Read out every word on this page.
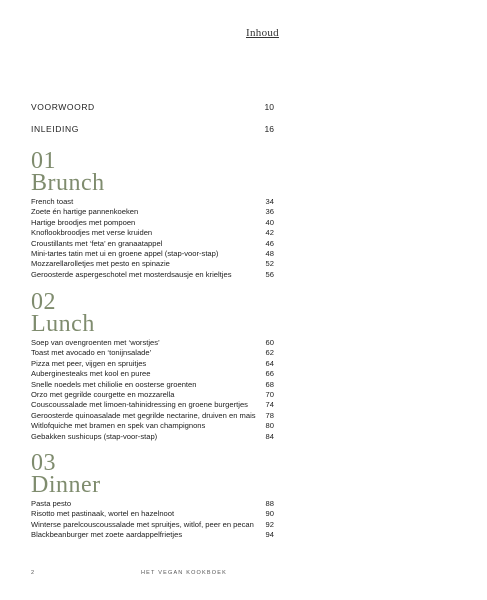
Inhoud
VOORWOORD	10
INLEIDING	16
01
Brunch
French toast	34
Zoete én hartige pannenkoeken	36
Hartige broodjes met pompoen	40
Knoflookbroodjes met verse kruiden	42
Croustillants met ‘feta’ en granaatappel	46
Mini-tartes tatin met ui en groene appel (stap-voor-stap)	48
Mozzarellarolletjes met pesto en spinazie	52
Geroosterde aspergeschotel met mosterdsausje en krieltjes	56
02
Lunch
Soep van ovengroenten met ‘worstjes’	60
Toast met avocado en ‘tonijnsalade’	62
Pizza met peer, vijgen en spruitjes	64
Auberginesteaks met kool en puree	66
Snelle noedels met chiliolie en oosterse groenten	68
Orzo met gegrilde courgette en mozzarella	70
Couscoussalade met limoen-tahinidressing en groene burgertjes	74
Geroosterde quinoasalade met gegrilde nectarine, druiven en mais	78
Witlofquiche met bramen en spek van champignons	80
Gebakken sushicups (stap-voor-stap)	84
03
Dinner
Pasta pesto	88
Risotto met pastinaak, wortel en hazelnoot	90
Winterse parelcouscoussalade met spruitjes, witlof, peer en pecan	92
Blackbeanburger met zoete aardappelfrietjes	94
2	HET VEGAN KOOKBOEK
